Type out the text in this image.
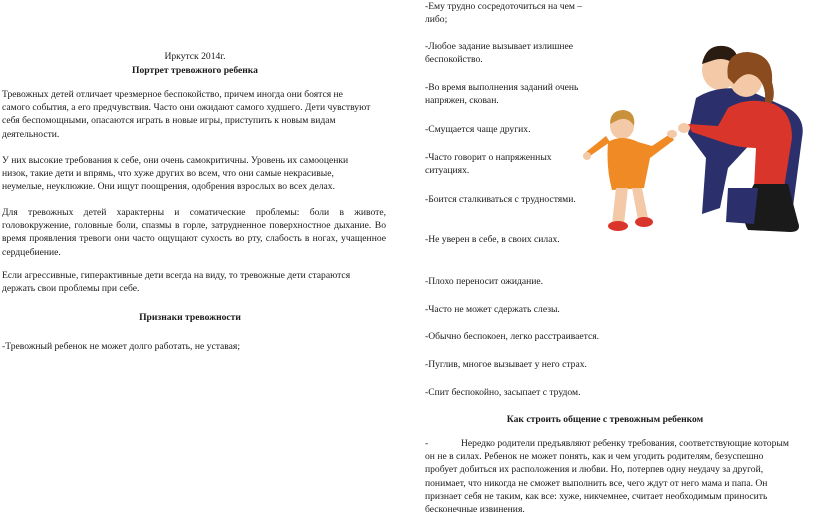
Иркутск 2014г.

Портрет тревожного ребенка

Тревожных детей отличает чрезмерное беспокойство, причем иногда они боятся не самого события, а его предчувствия. Часто они ожидают самого худшего. Дети чувствуют себя беспомощными, опасаются играть в новые игры, приступить к новым видам деятельности.

У них высокие требования к себе, они очень самокритичны. Уровень их самооценки низок, такие дети и впрямь, что хуже других во всем, что они самые некрасивые, неумелые, неуклюжие. Они ищут поощрения, одобрения взрослых во всех делах.

Для тревожных детей характерны и соматические проблемы: боли в животе, головокружение, головные боли, спазмы в горле, затрудненное поверхностное дыхание. Во время проявления тревоги они часто ощущают сухость во рту, слабость в ногах, учащенное сердцебиение.

Если агрессивные, гиперактивные дети всегда на виду, то тревожные дети стараются держать свои проблемы при себе.

Признаки тревожности

-Тревожный ребенок не может долго работать, не уставая;

-Ему трудно сосредоточиться на чем – либо;

-Любое задание вызывает излишнее беспокойство.

-Во время выполнения заданий очень напряжен, скован.

-Смущается чаще других.

-Часто говорит о напряженных ситуациях.

-Боится сталкиваться с трудностями.

-Не уверен в себе, в своих силах.

-Плохо переносит ожидание.

-Часто не может сдержать слезы.

-Обычно беспокоен, легко расстраивается.

-Пуглив, многое вызывает у него страх.

-Спит беспокойно, засыпает с трудом.

Как строить общение с тревожным ребенком

-	Нередко родители предъявляют ребенку требования, соответствующие которым он не в силах. Ребенок не может понять, как и чем угодить родителям, безуспешно пробует добиться их расположения и любви. Но, потерпев одну неудачу за другой, понимает, что никогда не сможет выполнить все, чего ждут от него мама и папа. Он признает себя не таким, как все: хуже, никчемнее, считает необходимым приносить бесконечные извинения.
